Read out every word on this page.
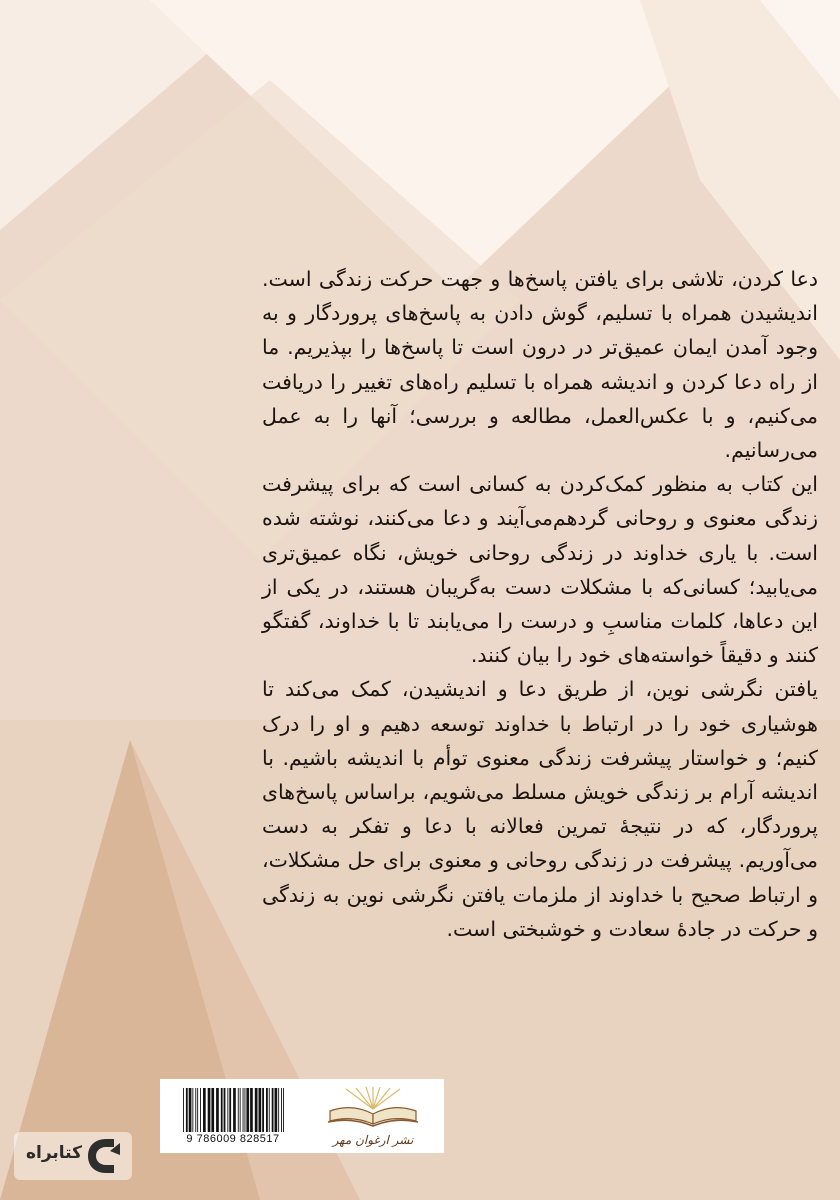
دعا کردن، تلاشی برای یافتن پاسخ‌ها و جهت حرکت زندگی است. اندیشیدن همراه با تسلیم، گوش دادن به پاسخ‌های پروردگار و به وجود آمدن ایمان عمیق‌تر در درون است تا پاسخ‌ها را بپذیریم. ما از راه دعا کردن و اندیشه همراه با تسلیم راه‌های تغییر را دریافت می‌کنیم، و با عکس‌العمل، مطالعه و بررسی؛ آنها را به عمل می‌رسانیم.

این کتاب به منظور کمک‌کردن به کسانی است که برای پیشرفت زندگی معنوی و روحانی گردهم‌می‌آیند و دعا می‌کنند، نوشته شده است. با یاری خداوند در زندگی روحانی خویش، نگاه عمیق‌تری می‌یابید؛ کسانی‌که با مشکلات دست به‌گریبان هستند، در یکی از این دعاها، کلمات مناسبِ و درست را می‌یابند تا با خداوند، گفتگو کنند و دقیقاً خواسته‌های خود را بیان کنند.

یافتن نگرشی نوین، از طریق دعا و اندیشیدن، کمک می‌کند تا هوشیاری خود را در ارتباط با خداوند توسعه دهیم و او را درک کنیم؛ و خواستار پیشرفت زندگی معنوی توأم با اندیشه باشیم. با اندیشه آرام بر زندگی خویش مسلط می‌شویم، براساس پاسخ‌های پروردگار، که در نتیجهٔ تمرین فعالانه با دعا و تفکر به دست می‌آوریم. پیشرفت در زندگی روحانی و معنوی برای حل مشکلات، و ارتباط صحیح با خداوند از ملزمات یافتن نگرشی نوین به زندگی و حرکت در جادهٔ سعادت و خوشبختی است.

9 786009 828517	نشر ارغوان مهر
کتابراه
